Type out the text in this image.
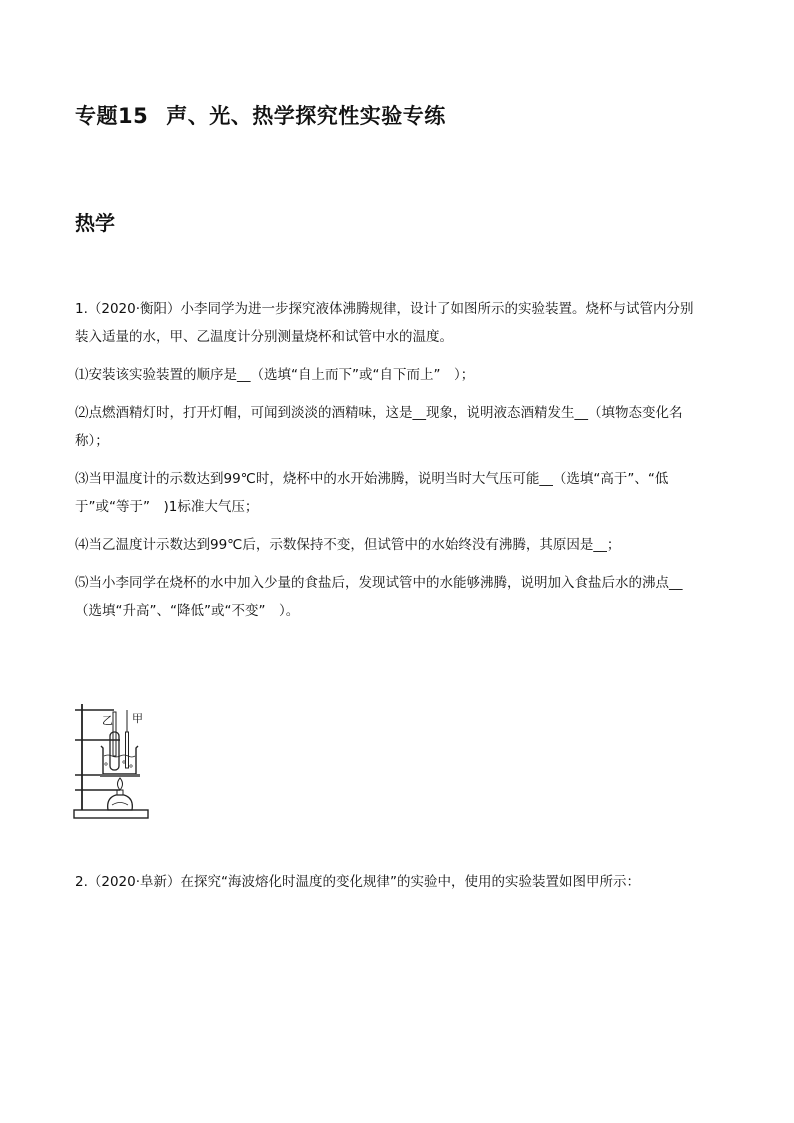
专题15 声、光、热学探究性实验专练
热学

1.（2020·衡阳）小李同学为进一步探究液体沸腾规律，设计了如图所示的实验装置。烧杯与试管内分别

装入适量的水，甲、乙温度计分别测量烧杯和试管中水的温度。

⑴安装该实验装置的顺序是__（选填“自上而下”或“自下而上”　）；

⑵点燃酒精灯时，打开灯帽，可闻到淡淡的酒精味，这是__现象，说明液态酒精发生__（填物态变化名

称）；

⑶当甲温度计的示数达到99℃时，烧杯中的水开始沸腾，说明当时大气压可能__（选填“高于”、“低

于”或“等于”　)1标准大气压；

⑷当乙温度计示数达到99℃后，示数保持不变，但试管中的水始终没有沸腾，其原因是__；

⑸当小李同学在烧杯的水中加入少量的食盐后，发现试管中的水能够沸腾，说明加入食盐后水的沸点__

（选填“升高”、“降低”或“不变”　）。

乙 甲

2.（2020·阜新）在探究“海波熔化时温度的变化规律”的实验中，使用的实验装置如图甲所示：
